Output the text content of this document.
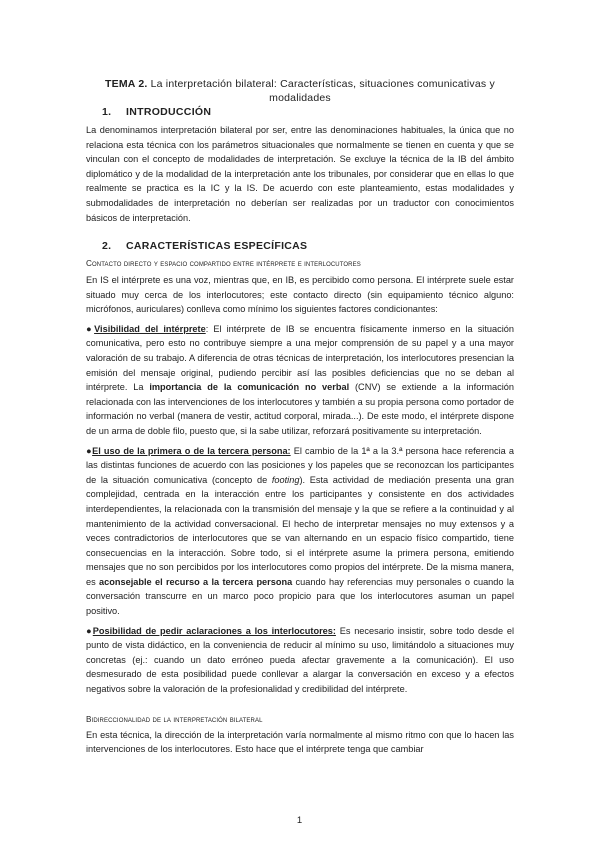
TEMA 2. La interpretación bilateral: Características, situaciones comunicativas y
modalidades

1. INTRODUCCIÓN

La denominamos interpretación bilateral por ser, entre las denominaciones habituales, la única que no relaciona esta técnica con los parámetros situacionales que normalmente se tienen en cuenta y que se vinculan con el concepto de modalidades de interpretación. Se excluye la técnica de la IB del ámbito diplomático y de la modalidad de la interpretación ante los tribunales, por considerar que en ellas lo que realmente se practica es la IC y la IS. De acuerdo con este planteamiento, estas modalidades y submodalidades de interpretación no deberían ser realizadas por un traductor con conocimientos básicos de interpretación.

2. CARACTERÍSTICAS ESPECÍFICAS

Contacto directo y espacio compartido entre intérprete e interlocutores

En IS el intérprete es una voz, mientras que, en IB, es percibido como persona. El intérprete suele estar situado muy cerca de los interlocutores; este contacto directo (sin equipamiento técnico alguno: micrófonos, auriculares) conlleva como mínimo los siguientes factores condicionantes:

●Visibilidad del intérprete: El intérprete de IB se encuentra físicamente inmerso en la situación comunicativa, pero esto no contribuye siempre a una mejor comprensión de su papel y a una mayor valoración de su trabajo. A diferencia de otras técnicas de interpretación, los interlocutores presencian la emisión del mensaje original, pudiendo percibir así las posibles deficiencias que no se deban al intérprete. La importancia de la comunicación no verbal (CNV) se extiende a la información relacionada con las intervenciones de los interlocutores y también a su propia persona como portador de información no verbal (manera de vestir, actitud corporal, mirada...). De este modo, el intérprete dispone de un arma de doble filo, puesto que, si la sabe utilizar, reforzará positivamente su interpretación.

●El uso de la primera o de la tercera persona: El cambio de la 1ª a la 3.ª persona hace referencia a las distintas funciones de acuerdo con las posiciones y los papeles que se reconozcan los participantes de la situación comunicativa (concepto de footing). Esta actividad de mediación presenta una gran complejidad, centrada en la interacción entre los participantes y consistente en dos actividades interdependientes, la relacionada con la transmisión del mensaje y la que se refiere a la continuidad y al mantenimiento de la actividad conversacional. El hecho de interpretar mensajes no muy extensos y a veces contradictorios de interlocutores que se van alternando en un espacio físico compartido, tiene consecuencias en la interacción. Sobre todo, si el intérprete asume la primera persona, emitiendo mensajes que no son percibidos por los interlocutores como propios del intérprete. De la misma manera, es aconsejable el recurso a la tercera persona cuando hay referencias muy personales o cuando la conversación transcurre en un marco poco propicio para que los interlocutores asuman un papel positivo.

●Posibilidad de pedir aclaraciones a los interlocutores: Es necesario insistir, sobre todo desde el punto de vista didáctico, en la conveniencia de reducir al mínimo su uso, limitándolo a situaciones muy concretas (ej.: cuando un dato erróneo pueda afectar gravemente a la comunicación). El uso desmesurado de esta posibilidad puede conllevar a alargar la conversación en exceso y a efectos negativos sobre la valoración de la profesionalidad y credibilidad del intérprete.

Bidireccionalidad de la interpretación bilateral

En esta técnica, la dirección de la interpretación varía normalmente al mismo ritmo con que lo hacen las intervenciones de los interlocutores. Esto hace que el intérprete tenga que cambiar

1
